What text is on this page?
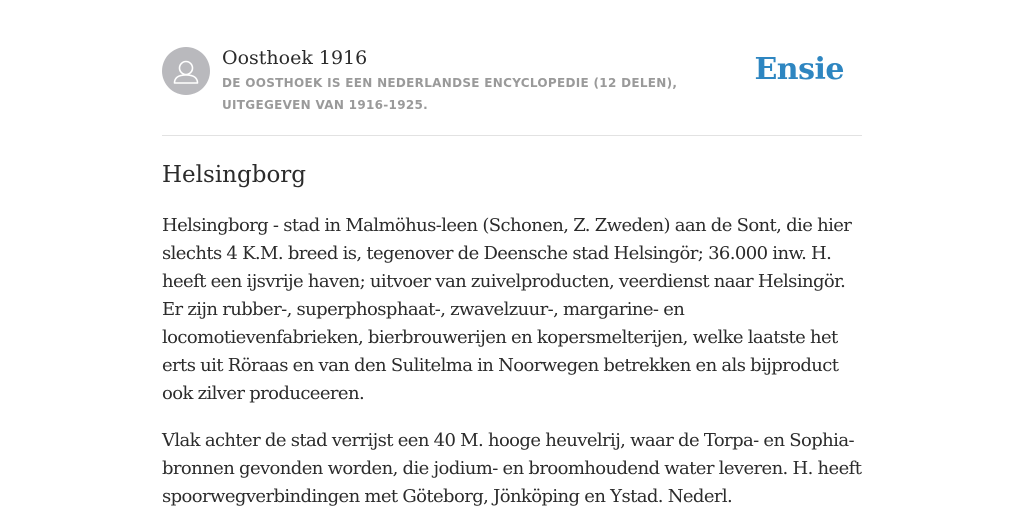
Oosthoek 1916
DE OOSTHOEK IS EEN NEDERLANDSE ENCYCLOPEDIE (12 DELEN), UITGEGEVEN VAN 1916-1925.
Ensie
Helsingborg

Helsingborg - stad in Malmöhus-leen (Schonen, Z. Zweden) aan de Sont, die hier slechts 4 K.M. breed is, tegenover de Deensche stad Helsingör; 36.000 inw. H. heeft een ijsvrije haven; uitvoer van zuivelproducten, veerdienst naar Helsingör. Er zijn rubber-, superphosphaat-, zwavelzuur-, margarine- en locomotievenfabrieken, bierbrouwerijen en kopersmelterijen, welke laatste het erts uit Röraas en van den Sulitelma in Noorwegen betrekken en als bijproduct ook zilver produceeren.

Vlak achter de stad verrijst een 40 M. hooge heuvelrij, waar de Torpa- en Sophia-bronnen gevonden worden, die jodium- en broomhoudend water leveren. H. heeft spoorwegverbindingen met Göteborg, Jönköping en Ystad. Nederl.
